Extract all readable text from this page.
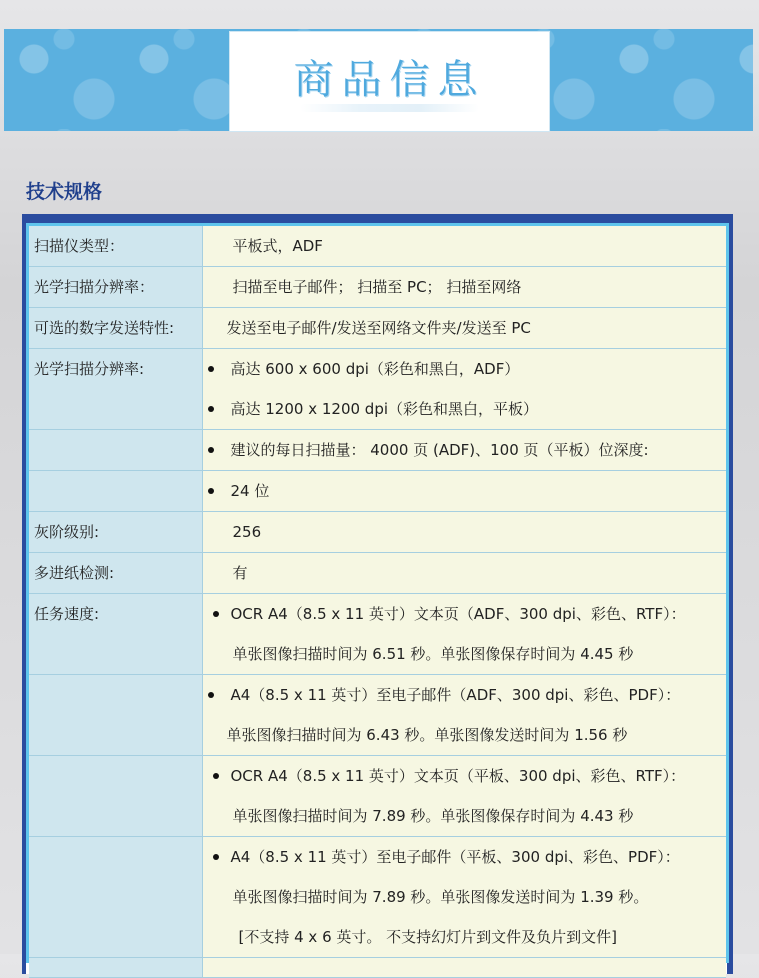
商品信息
技术规格
扫描仪类型：	平板式，ADF

光学扫描分辨率：	扫描至电子邮件； 扫描至 PC； 扫描至网络

可选的数字发送特性:	发送至电子邮件/发送至网络文件夹/发送至 PC

光学扫描分辨率:	高达 600 x 600 dpi（彩色和黑白，ADF）
高达 1200 x 1200 dpi（彩色和黑白，平板）

	建议的每日扫描量： 4000 页 (ADF)、100 页（平板）位深度:

	24 位

灰阶级别:	256

多进纸检测:	有

任务速度:	OCR A4（8.5 x 11 英寸）文本页（ADF、300 dpi、彩色、RTF）：
单张图像扫描时间为 6.51 秒。单张图像保存时间为 4.45 秒

	A4（8.5 x 11 英寸）至电子邮件（ADF、300 dpi、彩色、PDF）：
单张图像扫描时间为 6.43 秒。单张图像发送时间为 1.56 秒

	OCR A4（8.5 x 11 英寸）文本页（平板、300 dpi、彩色、RTF）：
单张图像扫描时间为 7.89 秒。单张图像保存时间为 4.43 秒

	A4（8.5 x 11 英寸）至电子邮件（平板、300 dpi、彩色、PDF）：
单张图像扫描时间为 7.89 秒。单张图像发送时间为 1.39 秒。
[不支持 4 x 6 英寸。 不支持幻灯片到文件及负片到文件]
